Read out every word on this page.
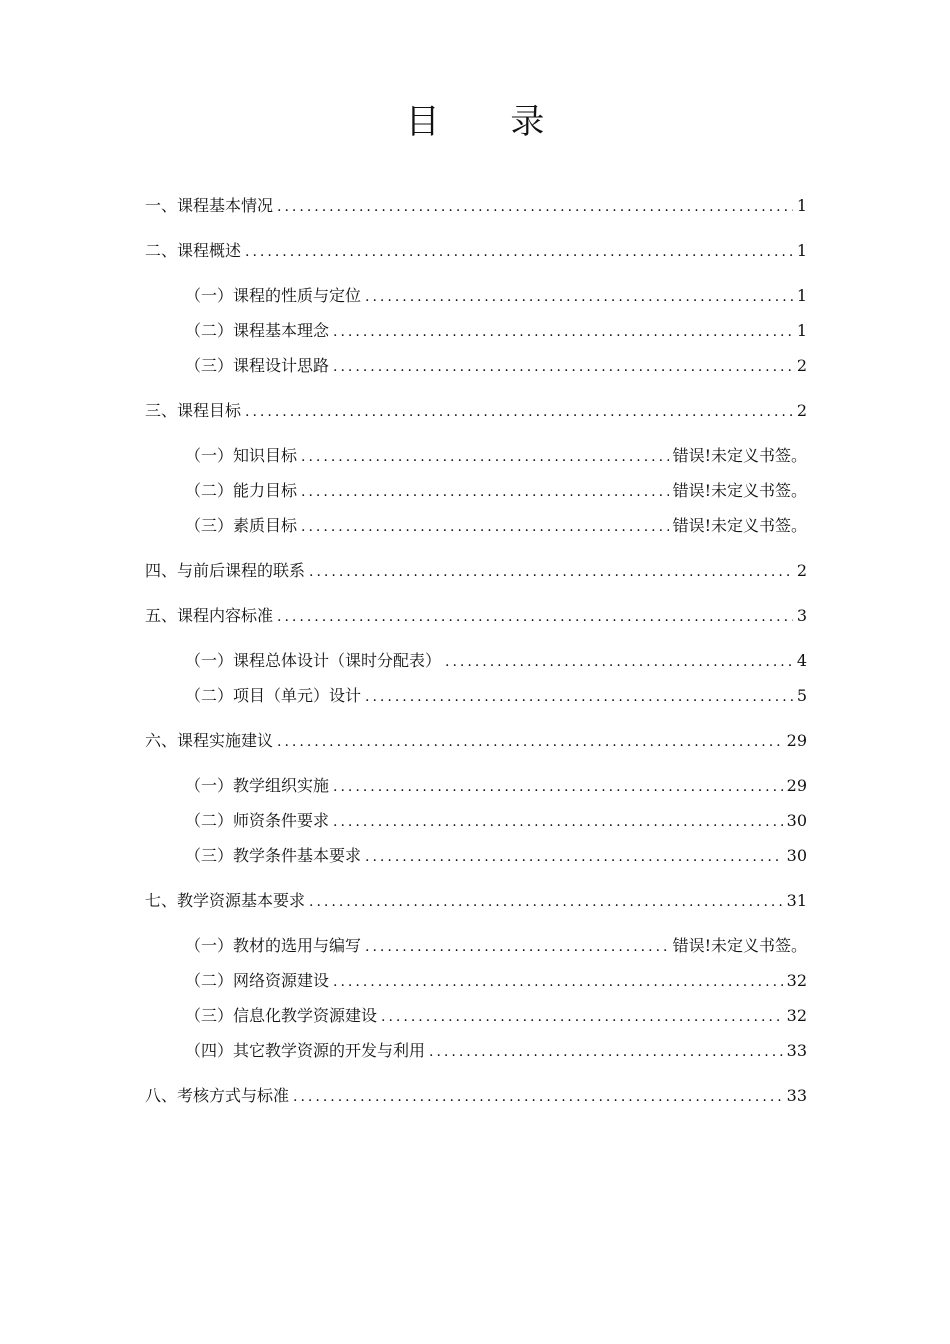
目 录
一、课程基本情况 .....	1
二、课程概述 .....	1
（一）课程的性质与定位 .....	1
（二）课程基本理念 .....	1
（三）课程设计思路 .....	2
三、课程目标 .....	2
（一）知识目标 .....	错误!未定义书签。
（二）能力目标 .....	错误!未定义书签。
（三）素质目标 .....	错误!未定义书签。
四、与前后课程的联系 .....	2
五、课程内容标准 .....	3
（一）课程总体设计（课时分配表） .....	4
（二）项目（单元）设计 .....	5
六、课程实施建议 .....	29
（一）教学组织实施 .....	29
（二）师资条件要求 .....	30
（三）教学条件基本要求 .....	30
七、教学资源基本要求 .....	31
（一）教材的选用与编写 .....	错误!未定义书签。
（二）网络资源建设 .....	32
（三）信息化教学资源建设 .....	32
（四）其它教学资源的开发与利用 .....	33
八、考核方式与标准 .....	33
